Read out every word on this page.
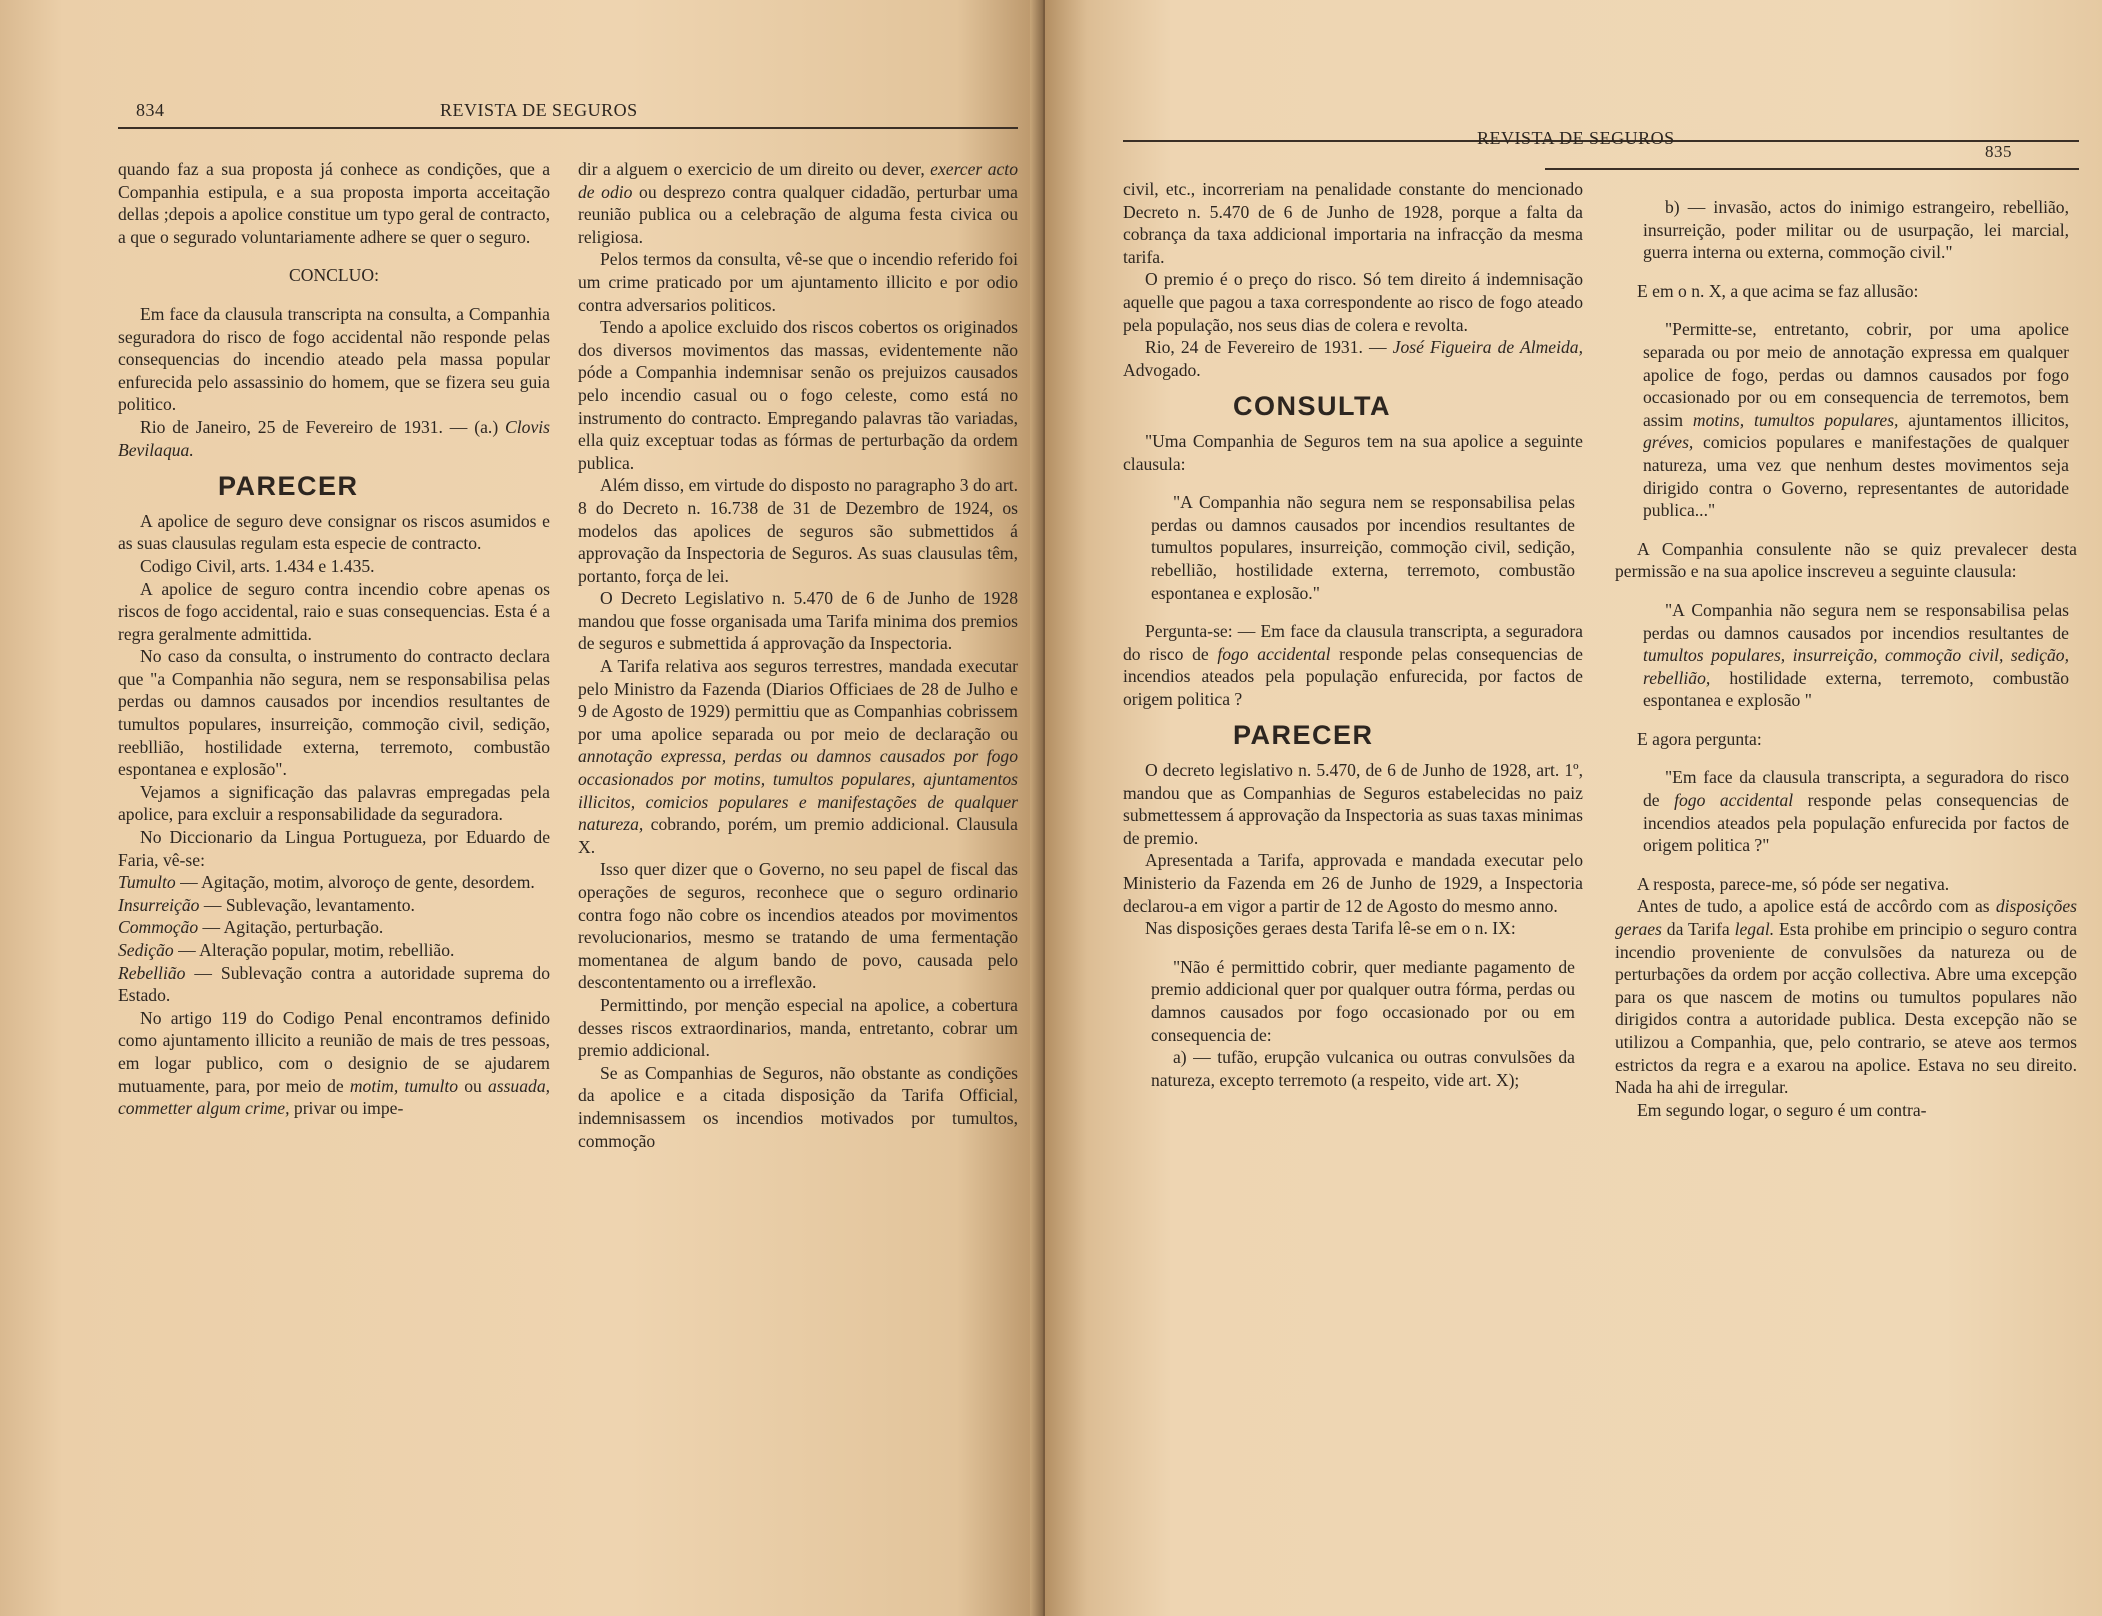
834	REVISTA DE SEGUROS

quando faz a sua proposta já conhece as condições, que a Companhia estipula, e a sua proposta importa acceitação dellas ;depois a apolice constitue um typo geral de contracto, a que o segurado voluntariamente adhere se quer o seguro.

CONCLUO:

Em face da clausula transcripta na consulta, a Companhia seguradora do risco de fogo accidental não responde pelas consequencias do incendio ateado pela massa popular enfurecida pelo assassinio do homem, que se fizera seu guia politico.

Rio de Janeiro, 25 de Fevereiro de 1931. — (a.) Clovis Bevilaqua.

PARECER

A apolice de seguro deve consignar os riscos asumidos e as suas clausulas regulam esta especie de contracto.

Codigo Civil, arts. 1.434 e 1.435.

A apolice de seguro contra incendio cobre apenas os riscos de fogo accidental, raio e suas consequencias. Esta é a regra geralmente admittida.

No caso da consulta, o instrumento do contracto declara que "a Companhia não segura, nem se responsabilisa pelas perdas ou damnos causados por incendios resultantes de tumultos populares, insurreição, commoção civil, sedição, reebllião, hostilidade externa, terremoto, combustão espontanea e explosão".

Vejamos a significação das palavras empregadas pela apolice, para excluir a responsabilidade da seguradora.

No Diccionario da Lingua Portugueza, por Eduardo de Faria, vê-se:

Tumulto — Agitação, motim, alvoroço de gente, desordem.

Insurreição — Sublevação, levantamento.

Commoção — Agitação, perturbação.

Sedição — Alteração popular, motim, rebellião.

Rebellião — Sublevação contra a autoridade suprema do Estado.

No artigo 119 do Codigo Penal encontramos definido como ajuntamento illicito a reunião de mais de tres pessoas, em logar publico, com o designio de se ajudarem mutuamente, para, por meio de motim, tumulto ou assuada, commetter algum crime, privar ou impe-

dir a alguem o exercicio de um direito ou dever, exercer acto de odio ou desprezo contra qualquer cidadão, perturbar uma reunião publica ou a celebração de alguma festa civica ou religiosa.

Pelos termos da consulta, vê-se que o incendio referido foi um crime praticado por um ajuntamento illicito e por odio contra adversarios politicos.

Tendo a apolice excluido dos riscos cobertos os originados dos diversos movimentos das massas, evidentemente não póde a Companhia indemnisar senão os prejuizos causados pelo incendio casual ou o fogo celeste, como está no instrumento do contracto. Empregando palavras tão variadas, ella quiz exceptuar todas as fórmas de perturbação da ordem publica.

Além disso, em virtude do disposto no paragrapho 3 do art. 8 do Decreto n. 16.738 de 31 de Dezembro de 1924, os modelos das apolices de seguros são submettidos á approvação da Inspectoria de Seguros. As suas clausulas têm, portanto, força de lei.

O Decreto Legislativo n. 5.470 de 6 de Junho de 1928 mandou que fosse organisada uma Tarifa minima dos premios de seguros e submettida á approvação da Inspectoria.

A Tarifa relativa aos seguros terrestres, mandada executar pelo Ministro da Fazenda (Diarios Officiaes de 28 de Julho e 9 de Agosto de 1929) permittiu que as Companhias cobrissem por uma apolice separada ou por meio de declaração ou annotação expressa, perdas ou damnos causados por fogo occasionados por motins, tumultos populares, ajuntamentos illicitos, comicios populares e manifestações de qualquer natureza, cobrando, porém, um premio addicional. Clausula X.

Isso quer dizer que o Governo, no seu papel de fiscal das operações de seguros, reconhece que o seguro ordinario contra fogo não cobre os incendios ateados por movimentos revolucionarios, mesmo se tratando de uma fermentação momentanea de algum bando de povo, causada pelo descontentamento ou a irreflexão.

Permittindo, por menção especial na apolice, a cobertura desses riscos extraordinarios, manda, entretanto, cobrar um premio addicional.

Se as Companhias de Seguros, não obstante as condições da apolice e a citada disposição da Tarifa Official, indemnisassem os incendios motivados por tumultos, commoção

REVISTA DE SEGUROS
835

civil, etc., incorreriam na penalidade constante do mencionado Decreto n. 5.470 de 6 de Junho de 1928, porque a falta da cobrança da taxa addicional importaria na infracção da mesma tarifa.

O premio é o preço do risco. Só tem direito á indemnisação aquelle que pagou a taxa correspondente ao risco de fogo ateado pela população, nos seus dias de colera e revolta.

Rio, 24 de Fevereiro de 1931. — José Figueira de Almeida, Advogado.

CONSULTA

"Uma Companhia de Seguros tem na sua apolice a seguinte clausula:

"A Companhia não segura nem se responsabilisa pelas perdas ou damnos causados por incendios resultantes de tumultos populares, insurreição, commoção civil, sedição, rebellião, hostilidade externa, terremoto, combustão espontanea e explosão."

Pergunta-se: — Em face da clausula transcripta, a seguradora do risco de fogo accidental responde pelas consequencias de incendios ateados pela população enfurecida, por factos de origem politica ?

PARECER

O decreto legislativo n. 5.470, de 6 de Junho de 1928, art. 1º, mandou que as Companhias de Seguros estabelecidas no paiz submettessem á approvação da Inspectoria as suas taxas minimas de premio.

Apresentada a Tarifa, approvada e mandada executar pelo Ministerio da Fazenda em 26 de Junho de 1929, a Inspectoria declarou-a em vigor a partir de 12 de Agosto do mesmo anno.

Nas disposições geraes desta Tarifa lê-se em o n. IX:

"Não é permittido cobrir, quer mediante pagamento de premio addicional quer por qualquer outra fórma, perdas ou damnos causados por fogo occasionado por ou em consequencia de:

a) — tufão, erupção vulcanica ou outras convulsões da natureza, excepto terremoto (a respeito, vide art. X);

b) — invasão, actos do inimigo estrangeiro, rebellião, insurreição, poder militar ou de usurpação, lei marcial, guerra interna ou externa, commoção civil."

E em o n. X, a que acima se faz allusão:

"Permitte-se, entretanto, cobrir, por uma apolice separada ou por meio de annotação expressa em qualquer apolice de fogo, perdas ou damnos causados por fogo occasionado por ou em consequencia de terremotos, bem assim motins, tumultos populares, ajuntamentos illicitos, gréves, comicios populares e manifestações de qualquer natureza, uma vez que nenhum destes movimentos seja dirigido contra o Governo, representantes de autoridade publica..."

A Companhia consulente não se quiz prevalecer desta permissão e na sua apolice inscreveu a seguinte clausula:

"A Companhia não segura nem se responsabilisa pelas perdas ou damnos causados por incendios resultantes de tumultos populares, insurreição, commoção civil, sedição, rebellião, hostilidade externa, terremoto, combustão espontanea e explosão "

E agora pergunta:

"Em face da clausula transcripta, a seguradora do risco de fogo accidental responde pelas consequencias de incendios ateados pela população enfurecida por factos de origem politica ?"

A resposta, parece-me, só póde ser negativa.

Antes de tudo, a apolice está de accôrdo com as disposições geraes da Tarifa legal. Esta prohibe em principio o seguro contra incendio proveniente de convulsões da natureza ou de perturbações da ordem por acção collectiva. Abre uma excepção para os que nascem de motins ou tumultos populares não dirigidos contra a autoridade publica. Desta excepção não se utilizou a Companhia, que, pelo contrario, se ateve aos termos estrictos da regra e a exarou na apolice. Estava no seu direito. Nada ha ahi de irregular.

Em segundo logar, o seguro é um contra-
